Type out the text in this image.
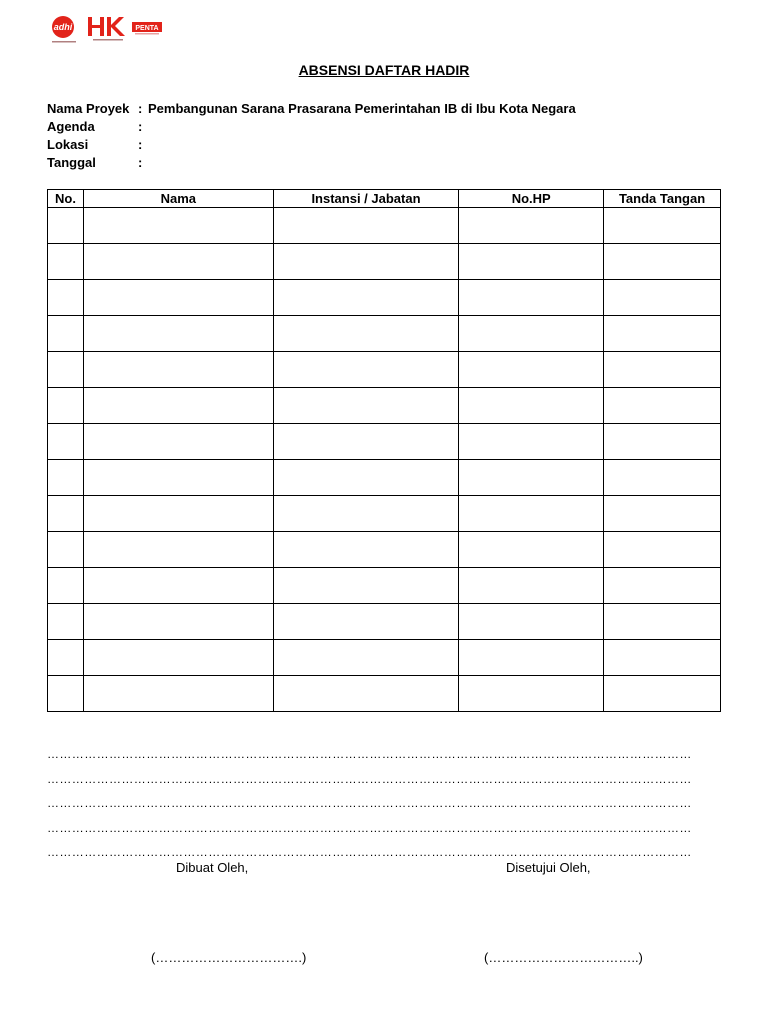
adhi	PENTA
ABSENSI DAFTAR HADIR
Nama Proyek : Pembangunan Sarana Prasarana Pemerintahan IB di Ibu Kota Negara
Agenda	:
Lokasi	:
Tanggal	:
No.	Nama	Instansi / Jabatan	No.HP	Tanda Tangan

…………………………………………………………………………………………………………………………………………
…………………………………………………………………………………………………………………………………………
…………………………………………………………………………………………………………………………………………
…………………………………………………………………………………………………………………………………………
…………………………………………………………………………………………………………………………………………
Dibuat Oleh,	Disetujui Oleh,
(…………………………….)	(……………………………..)
